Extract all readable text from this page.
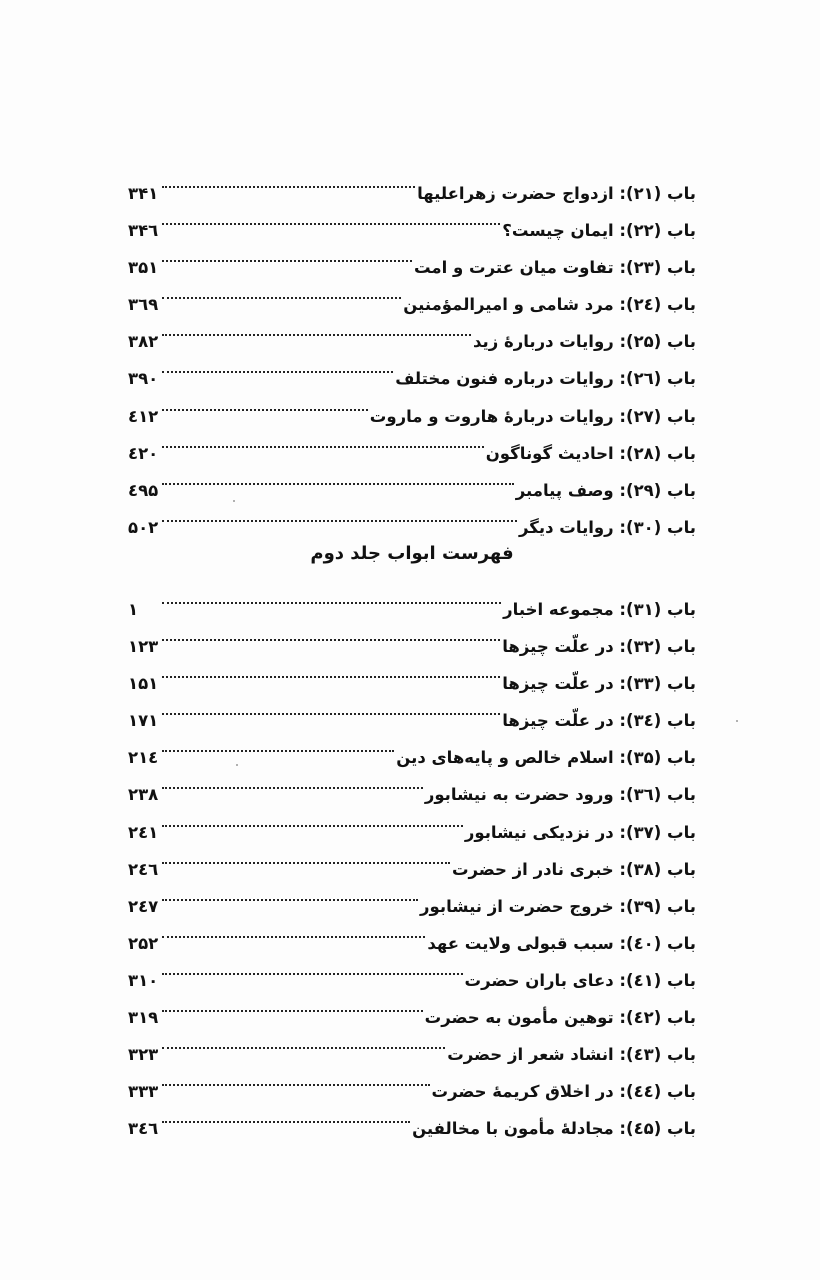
باب (۲۱): ازدواج حضرت زهراعليها
۳۴۱
باب (۲۲): ايمان چيست؟
۳۴٦
باب (۲۳): تفاوت ميان عترت و امت
۳۵۱
باب (۲٤): مرد شامى و اميرالمؤمنين
۳٦۹
باب (۲۵): روايات دربارۀ زيد
۳۸۲
باب (۲٦): روايات درباره فنون مختلف
۳۹۰
باب (۲۷): روايات دربارۀ هاروت و ماروت
٤۱۲
باب (۲۸): احاديث گوناگون
٤۲۰
باب (۲۹): وصف پيامبر
٤۹۵
باب (۳۰): روايات ديگر
۵۰۲
فهرست ابواب جلد دوم
باب (۳۱): مجموعه اخبار
۱
باب (۳۲): در علّت چيزها
۱۲۳
باب (۳۳): در علّت چيزها
۱۵۱
باب (۳٤): در علّت چيزها
۱۷۱
باب (۳۵): اسلام خالص و پايه‌هاى دين
۲۱٤
باب (۳٦): ورود حضرت به نيشابور
۲۳۸
باب (۳۷): در نزديكى نيشابور
۲٤۱
باب (۳۸): خبرى نادر از حضرت
۲٤٦
باب (۳۹): خروج حضرت از نيشابور
۲٤۷
باب (٤۰): سبب قبولى ولايت عهد
۲۵۲
باب (٤۱): دعاى باران حضرت
۳۱۰
باب (٤۲): توهين مأمون به حضرت
۳۱۹
باب (٤۳): انشاد شعر از حضرت
۳۲۳
باب (٤٤): در اخلاق كريمۀ حضرت
۳۳۳
باب (٤۵): مجادلۀ مأمون با مخالفين
۳٤٦
